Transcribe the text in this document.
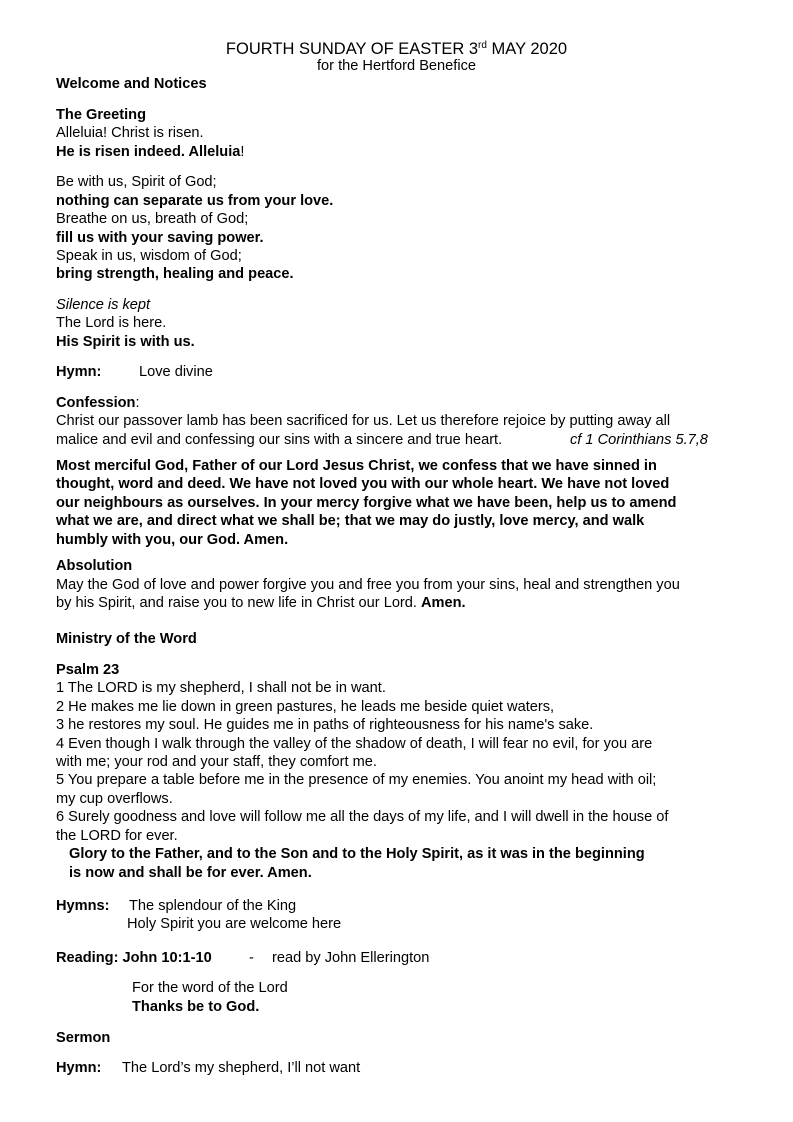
FOURTH SUNDAY OF EASTER 3rd MAY 2020
for the Hertford Benefice
Welcome and Notices
The Greeting
Alleluia! Christ is risen.
He is risen indeed. Alleluia!
Be with us, Spirit of God;
nothing can separate us from your love.
Breathe on us, breath of God;
fill us with your saving power.
Speak in us, wisdom of God;
bring strength, healing and peace.
Silence is kept
The Lord is here.
His Spirit is with us.
Hymn:	Love divine
Confession:
Christ our passover lamb has been sacrificed for us. Let us therefore rejoice by putting away all
malice and evil and confessing our sins with a sincere and true heart.	cf 1 Corinthians 5.7,8
Most merciful God, Father of our Lord Jesus Christ, we confess that we have sinned in
thought, word and deed. We have not loved you with our whole heart. We have not loved
our neighbours as ourselves. In your mercy forgive what we have been, help us to amend
what we are, and direct what we shall be; that we may do justly, love mercy, and walk
humbly with you, our God. Amen.
Absolution
May the God of love and power forgive you and free you from your sins, heal and strengthen you
by his Spirit, and raise you to new life in Christ our Lord. Amen.
Ministry of the Word
Psalm 23
1 The LORD is my shepherd, I shall not be in want.
2 He makes me lie down in green pastures, he leads me beside quiet waters,
3 he restores my soul. He guides me in paths of righteousness for his name's sake.
4 Even though I walk through the valley of the shadow of death, I will fear no evil, for you are
with me; your rod and your staff, they comfort me.
5 You prepare a table before me in the presence of my enemies. You anoint my head with oil;
my cup overflows.
6 Surely goodness and love will follow me all the days of my life, and I will dwell in the house of
the LORD for ever.
Glory to the Father, and to the Son and to the Holy Spirit, as it was in the beginning
is now and shall be for ever. Amen.
Hymns: The splendour of the King
Holy Spirit you are welcome here
Reading: John 10:1-10	- read by John Ellerington
For the word of the Lord
Thanks be to God.
Sermon
Hymn: The Lord’s my shepherd, I’ll not want
